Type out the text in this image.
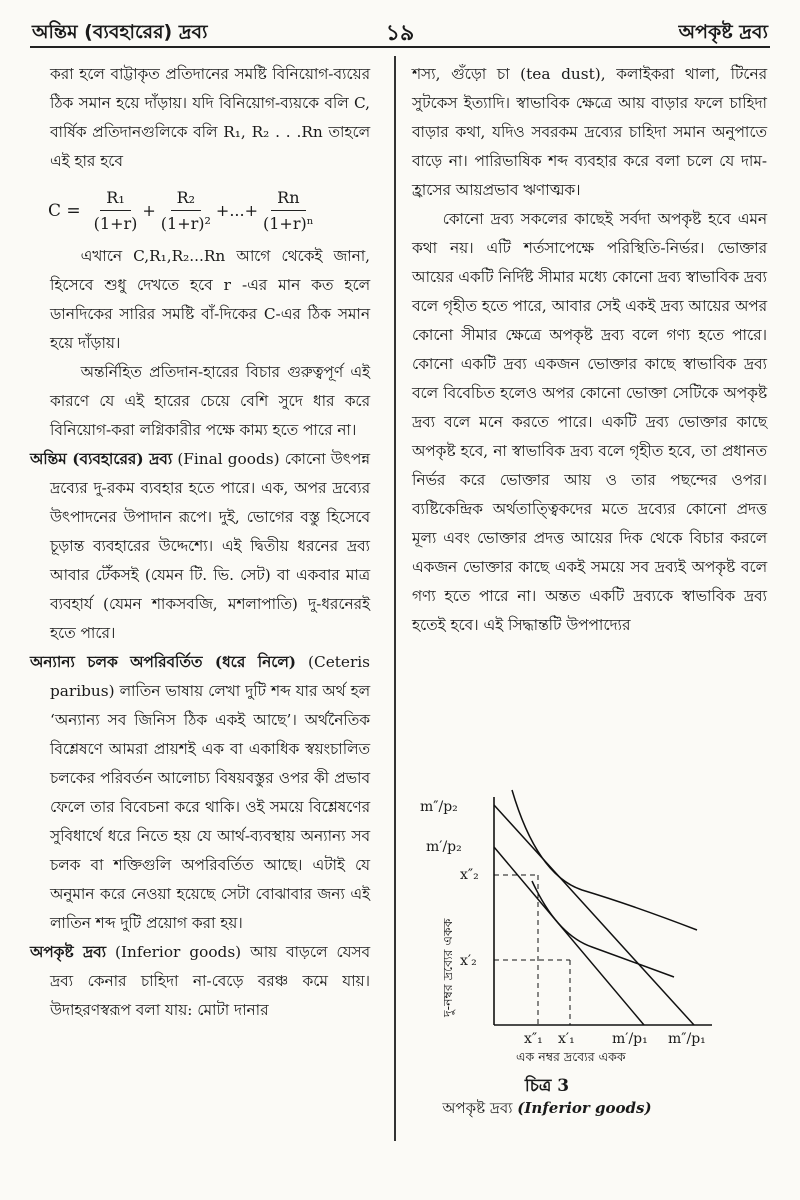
অন্তিম (ব্যবহারের) দ্রব্য	১৯	অপকৃষ্ট দ্রব্য

করা হলে বাট্টাকৃত প্রতিদানের সমষ্টি বিনিয়োগ-ব্যয়ের ঠিক সমান হয়ে দাঁড়ায়। যদি বিনিয়োগ-ব্যয়কে বলি C, বার্ষিক প্রতিদানগুলিকে বলি R₁, R₂ . . .Rn তাহলে এই হার হবে

$C = \frac{\text{R₁}}{(1+r)} + \frac{\text{R₂}}{\text{(1+r)²}}$ +...+ $\frac{Rn}{\text{(1+r)ⁿ}}$

এখানে C,R₁,R₂...Rn আগে থেকেই জানা, হিসেবে শুধু দেখতে হবে r -এর মান কত হলে ডানদিকের সারির সমষ্টি বাঁ-দিকের C-এর ঠিক সমান হয়ে দাঁড়ায়।

অন্তর্নিহিত প্রতিদান-হারের বিচার গুরুত্বপূর্ণ এই কারণে যে এই হারের চেয়ে বেশি সুদে ধার করে বিনিয়োগ-করা লগ্নিকারীর পক্ষে কাম্য হতে পারে না।

অন্তিম (ব্যবহারের) দ্রব্য (Final goods) কোনো উৎপন্ন দ্রব্যের দু-রকম ব্যবহার হতে পারে। এক, অপর দ্রব্যের উৎপাদনের উপাদান রূপে। দুই, ভোগের বস্তু হিসেবে চূড়ান্ত ব্যবহারের উদ্দেশ্যে। এই দ্বিতীয় ধরনের দ্রব্য আবার টেঁকসই (যেমন টি. ভি. সেট) বা একবার মাত্র ব্যবহার্য (যেমন শাকসবজি, মশলাপাতি) দু-ধরনেরই হতে পারে।

অন্যান্য চলক অপরিবর্তিত (ধরে নিলে) (Ceteris paribus) লাতিন ভাষায় লেখা দুটি শব্দ যার অর্থ হল ‘অন্যান্য সব জিনিস ঠিক একই আছে’। অর্থনৈতিক বিশ্লেষণে আমরা প্রায়শই এক বা একাধিক স্বয়ংচালিত চলকের পরিবর্তন আলোচ্য বিষয়বস্তুর ওপর কী প্রভাব ফেলে তার বিবেচনা করে থাকি। ওই সময়ে বিশ্লেষণের সুবিধার্থে ধরে নিতে হয় যে আর্থ-ব্যবস্থায় অন্যান্য সব চলক বা শক্তিগুলি অপরিবর্তিত আছে। এটাই যে অনুমান করে নেওয়া হয়েছে সেটা বোঝাবার জন্য এই লাতিন শব্দ দুটি প্রয়োগ করা হয়।

অপকৃষ্ট দ্রব্য (Inferior goods) আয় বাড়লে যেসব দ্রব্য কেনার চাহিদা না-বেড়ে বরঞ্চ কমে যায়। উদাহরণস্বরূপ বলা যায়: মোটা দানার

শস্য, গুঁড়ো চা (tea dust), কলাইকরা থালা, টিনের সুটকেস ইত্যাদি। স্বাভাবিক ক্ষেত্রে আয় বাড়ার ফলে চাহিদা বাড়ার কথা, যদিও সবরকম দ্রব্যের চাহিদা সমান অনুপাতে বাড়ে না। পারিভাষিক শব্দ ব্যবহার করে বলা চলে যে দাম-হ্রাসের আয়প্রভাব ঋণাত্মক।

কোনো দ্রব্য সকলের কাছেই সর্বদা অপকৃষ্ট হবে এমন কথা নয়। এটি শর্তসাপেক্ষে পরিস্থিতি-নির্ভর। ভোক্তার আয়ের একটি নির্দিষ্ট সীমার মধ্যে কোনো দ্রব্য স্বাভাবিক দ্রব্য বলে গৃহীত হতে পারে, আবার সেই একই দ্রব্য আয়ের অপর কোনো সীমার ক্ষেত্রে অপকৃষ্ট দ্রব্য বলে গণ্য হতে পারে। কোনো একটি দ্রব্য একজন ভোক্তার কাছে স্বাভাবিক দ্রব্য বলে বিবেচিত হলেও অপর কোনো ভোক্তা সেটিকে অপকৃষ্ট দ্রব্য বলে মনে করতে পারে। একটি দ্রব্য ভোক্তার কাছে অপকৃষ্ট হবে, না স্বাভাবিক দ্রব্য বলে গৃহীত হবে, তা প্রধানত নির্ভর করে ভোক্তার আয় ও তার পছন্দের ওপর। ব্যষ্টিকেন্দ্রিক অর্থতাত্ত্বিকদের মতে দ্রব্যের কোনো প্রদত্ত মূল্য এবং ভোক্তার প্রদত্ত আয়ের দিক থেকে বিচার করলে একজন ভোক্তার কাছে একই সময়ে সব দ্রব্যই অপকৃষ্ট বলে গণ্য হতে পারে না। অন্তত একটি দ্রব্যকে স্বাভাবিক দ্রব্য হতেই হবে। এই সিদ্ধান্তটি উপপাদ্যের

m″/p₂
m′/p₂
x″₂
x′₂
দু-নম্বর দ্রব্যের একক
x″₁ x′₁	m′/p₁ m″/p₁
এক নম্বর দ্রব্যের একক
চিত্র 3
অপকৃষ্ট দ্রব্য (Inferior goods)
